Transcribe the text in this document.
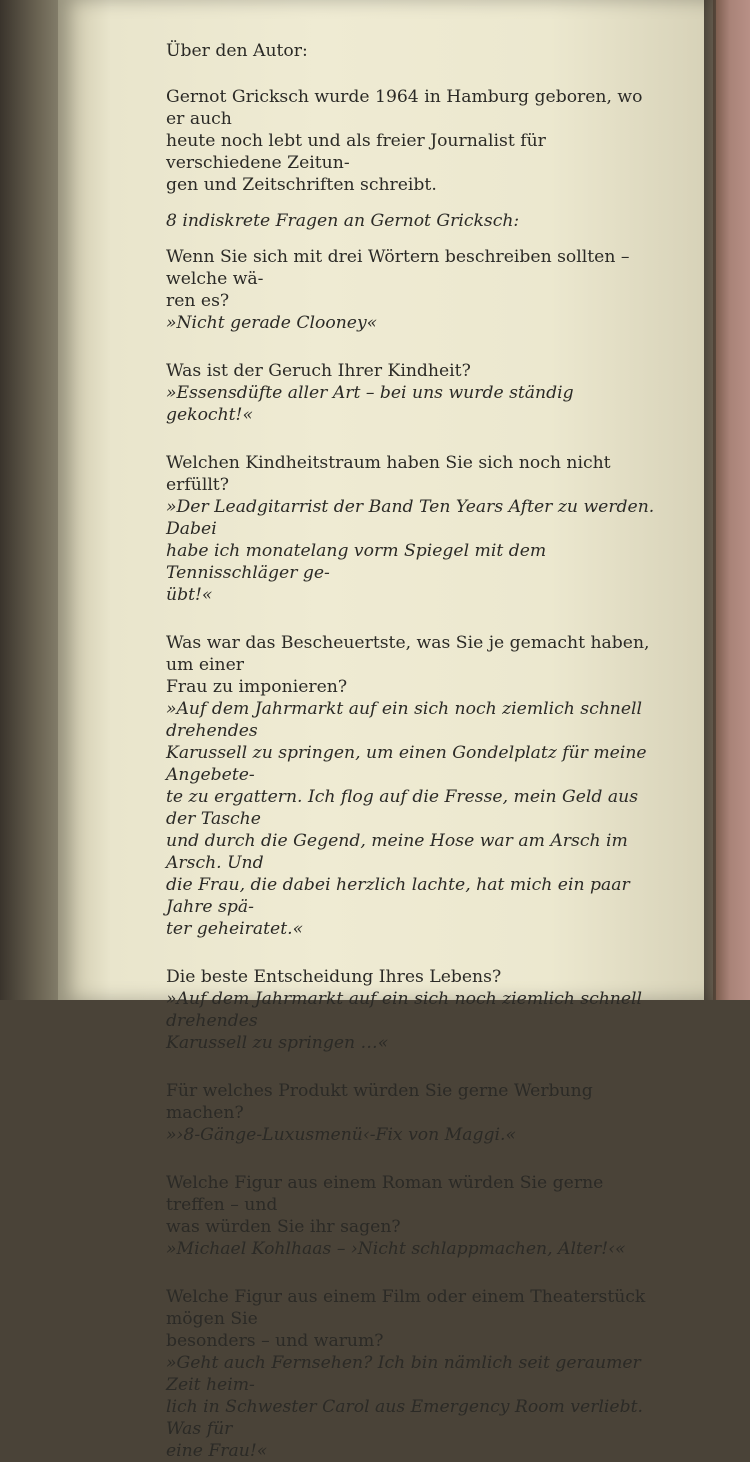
Über den Autor:

Gernot Gricksch wurde 1964 in Hamburg geboren, wo er auch

heute noch lebt und als freier Journalist für verschiedene Zeitun-

gen und Zeitschriften schreibt.

8 indiskrete Fragen an Gernot Gricksch:

Wenn Sie sich mit drei Wörtern beschreiben sollten – welche wä-

ren es?

»Nicht gerade Clooney«

Was ist der Geruch Ihrer Kindheit?

»Essensdüfte aller Art – bei uns wurde ständig gekocht!«

Welchen Kindheitstraum haben Sie sich noch nicht erfüllt?

»Der Leadgitarrist der Band Ten Years After zu werden. Dabei

habe ich monatelang vorm Spiegel mit dem Tennisschläger ge-

übt!«

Was war das Bescheuertste, was Sie je gemacht haben, um einer

Frau zu imponieren?

»Auf dem Jahrmarkt auf ein sich noch ziemlich schnell drehendes

Karussell zu springen, um einen Gondelplatz für meine Angebete-

te zu ergattern. Ich flog auf die Fresse, mein Geld aus der Tasche

und durch die Gegend, meine Hose war am Arsch im Arsch. Und

die Frau, die dabei herzlich lachte, hat mich ein paar Jahre spä-

ter geheiratet.«

Die beste Entscheidung Ihres Lebens?

»Auf dem Jahrmarkt auf ein sich noch ziemlich schnell drehendes

Karussell zu springen …«

Für welches Produkt würden Sie gerne Werbung machen?

»›8-Gänge-Luxusmenü‹-Fix von Maggi.«

Welche Figur aus einem Roman würden Sie gerne treffen – und

was würden Sie ihr sagen?

»Michael Kohlhaas – ›Nicht schlappmachen, Alter!‹«

Welche Figur aus einem Film oder einem Theaterstück mögen Sie

besonders – und warum?

»Geht auch Fernsehen? Ich bin nämlich seit geraumer Zeit heim-

lich in Schwester Carol aus Emergency Room verliebt. Was für

eine Frau!«
